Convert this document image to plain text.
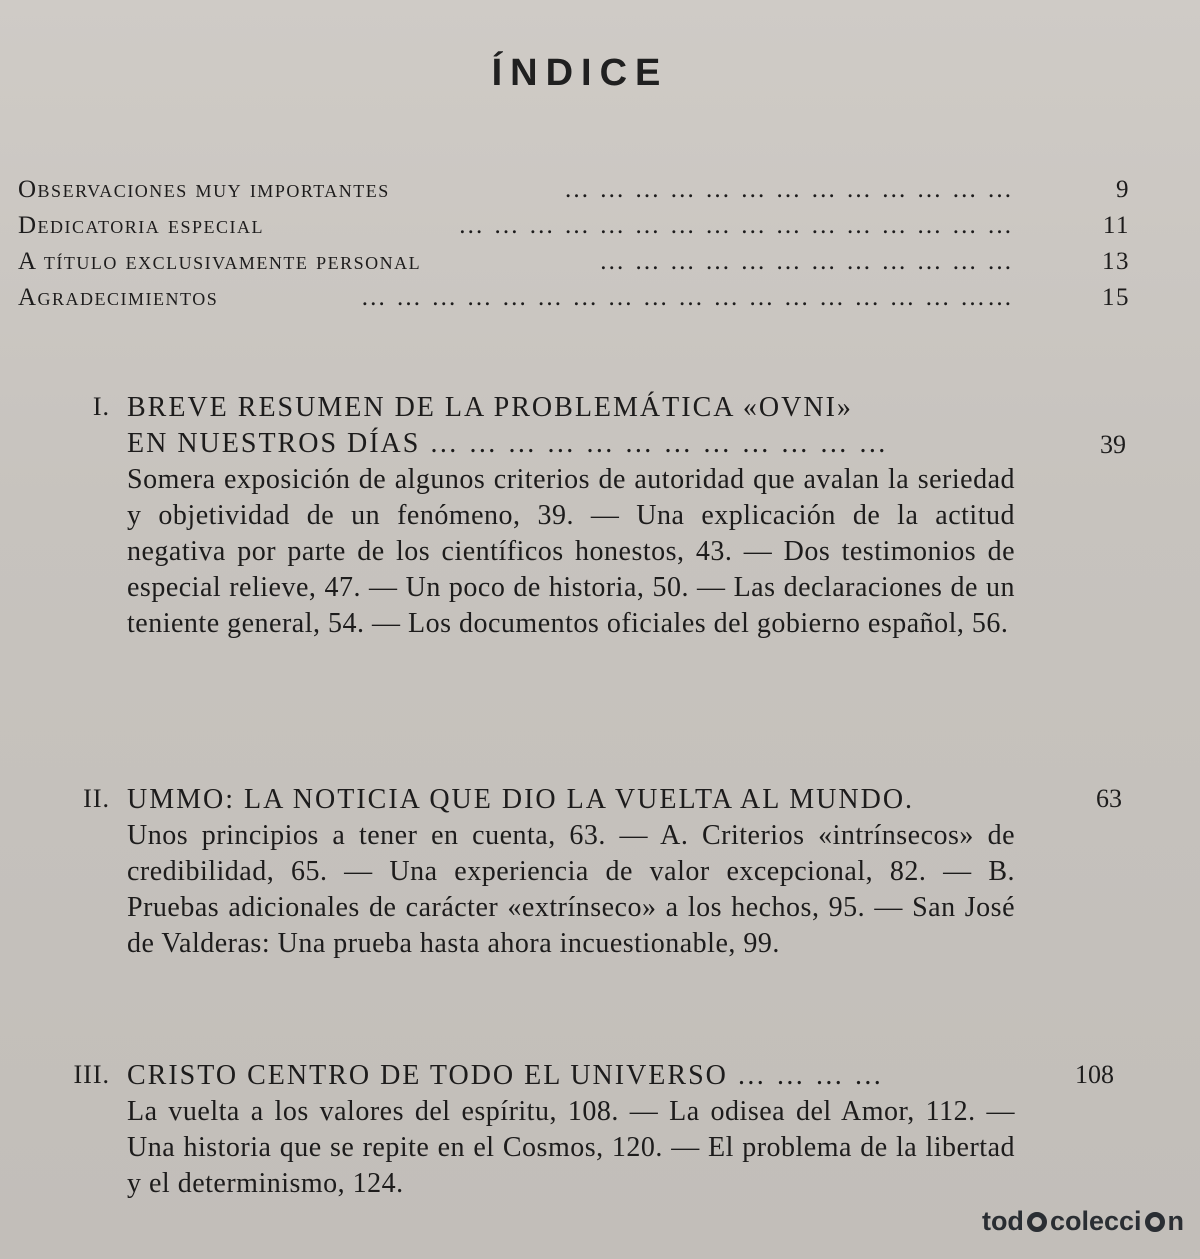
ÍNDICE
Observaciones muy importantes	… … … … … … … … … … … … …	9
Dedicatoria especial	… … … … … … … … … … … … … … … …	11
A título exclusivamente personal	… … … … … … … … … … … …	13
Agradecimientos	… … … … … … … … … … … … … … … … … ……	15
I. BREVE RESUMEN DE LA PROBLEMÁTICA «OVNI»
EN NUESTROS DÍAS … … … … … … … … … … … …	39
Somera exposición de algunos criterios de autoridad que avalan la seriedad y objetividad de un fenómeno, 39. — Una explicación de la actitud negativa por parte de los científicos honestos, 43. — Dos testimonios de especial relieve, 47. — Un poco de historia, 50. — Las declaraciones de un teniente general, 54. — Los documentos oficiales del gobierno español, 56.
II. UMMO: LA NOTICIA QUE DIO LA VUELTA AL MUNDO.	63
Unos principios a tener en cuenta, 63. — A. Criterios «intrínsecos» de credibilidad, 65. — Una experiencia de valor excepcional, 82. — B. Pruebas adicionales de carácter «extrínseco» a los hechos, 95. — San José de Valderas: Una prueba hasta ahora incuestionable, 99.
III. CRISTO CENTRO DE TODO EL UNIVERSO … … … …	108
La vuelta a los valores del espíritu, 108. — La odisea del Amor, 112. — Una historia que se repite en el Cosmos, 120. — El problema de la libertad y el determinismo, 124.
tod colecci n
